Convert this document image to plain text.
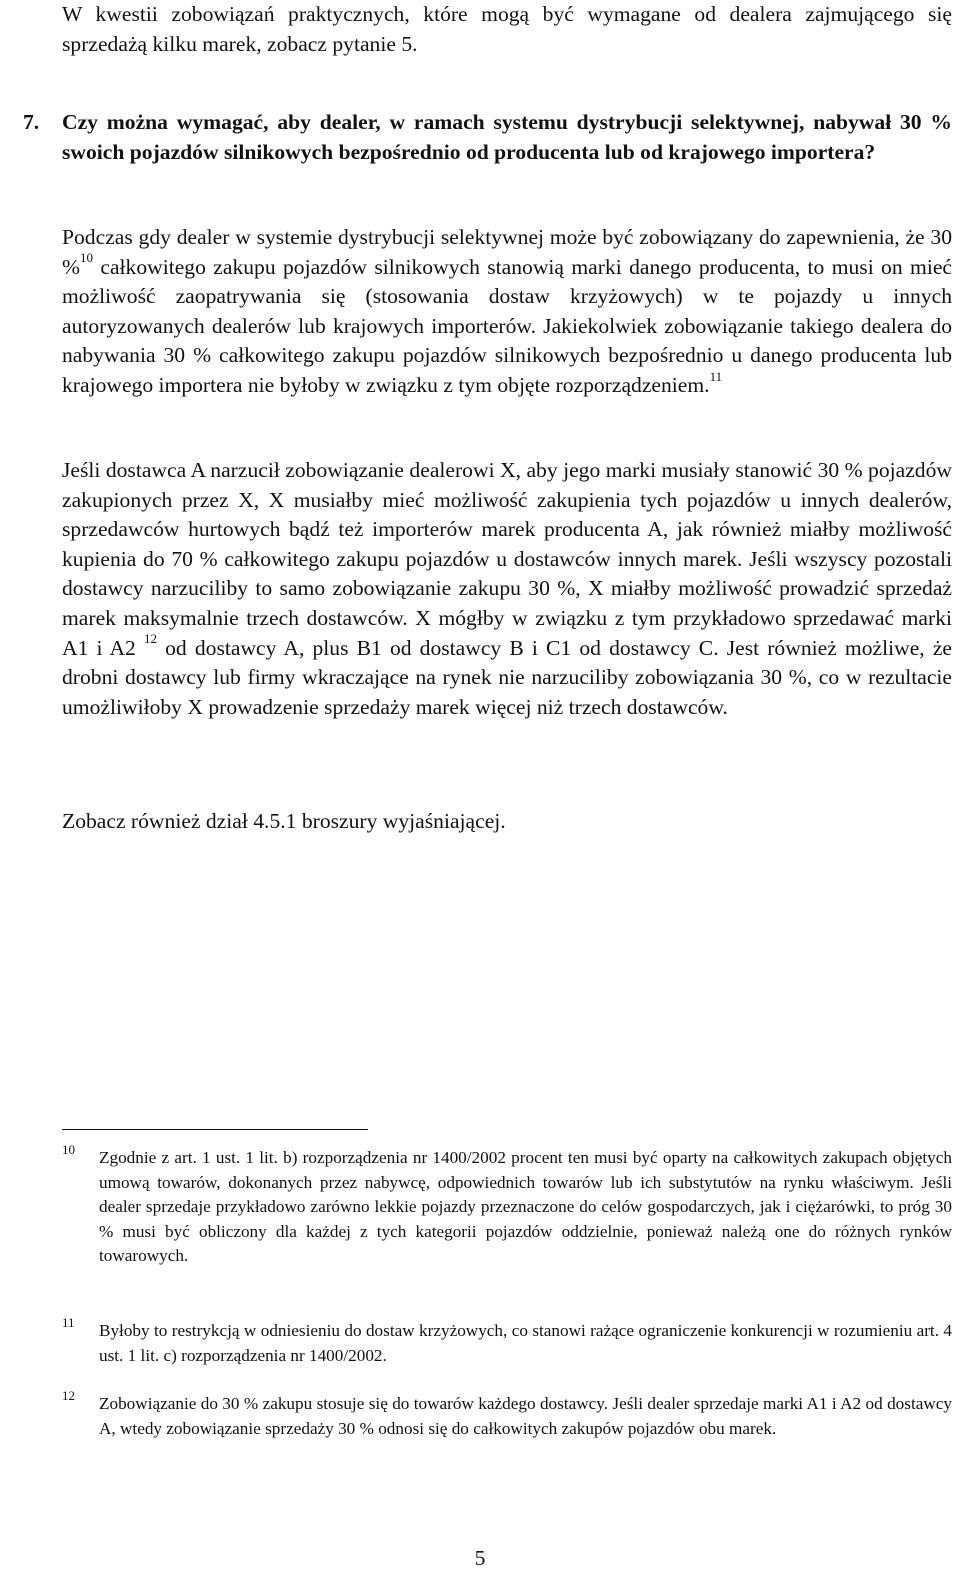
W kwestii zobowiązań praktycznych, które mogą być wymagane od dealera zajmującego się sprzedażą kilku marek, zobacz pytanie 5.

7. Czy można wymagać, aby dealer, w ramach systemu dystrybucji selektywnej, nabywał 30 % swoich pojazdów silnikowych bezpośrednio od producenta lub od krajowego importera?

Podczas gdy dealer w systemie dystrybucji selektywnej może być zobowiązany do zapewnienia, że 30 %$^{10}$ całkowitego zakupu pojazdów silnikowych stanowią marki danego producenta, to musi on mieć możliwość zaopatrywania się (stosowania dostaw krzyżowych) w te pojazdy u innych autoryzowanych dealerów lub krajowych importerów. Jakiekolwiek zobowiązanie takiego dealera do nabywania 30 % całkowitego zakupu pojazdów silnikowych bezpośrednio u danego producenta lub krajowego importera nie byłoby w związku z tym objęte rozporządzeniem.$^{11}$

Jeśli dostawca A narzucił zobowiązanie dealerowi X, aby jego marki musiały stanowić 30 % pojazdów zakupionych przez X, X musiałby mieć możliwość zakupienia tych pojazdów u innych dealerów, sprzedawców hurtowych bądź też importerów marek producenta A, jak również miałby możliwość kupienia do 70 % całkowitego zakupu pojazdów u dostawców innych marek. Jeśli wszyscy pozostali dostawcy narzuciliby to samo zobowiązanie zakupu 30 %, X miałby możliwość prowadzić sprzedaż marek maksymalnie trzech dostawców. X mógłby w związku z tym przykładowo sprzedawać marki A1 i A2 $^{12}$ od dostawcy A, plus B1 od dostawcy B i C1 od dostawcy C. Jest również możliwe, że drobni dostawcy lub firmy wkraczające na rynek nie narzuciliby zobowiązania 30 %, co w rezultacie umożliwiłoby X prowadzenie sprzedaży marek więcej niż trzech dostawców.

Zobacz również dział 4.5.1 broszury wyjaśniającej.

10 Zgodnie z art. 1 ust. 1 lit. b) rozporządzenia nr 1400/2002 procent ten musi być oparty na całkowitych zakupach objętych umową towarów, dokonanych przez nabywcę, odpowiednich towarów lub ich substytutów na rynku właściwym. Jeśli dealer sprzedaje przykładowo zarówno lekkie pojazdy przeznaczone do celów gospodarczych, jak i ciężarówki, to próg 30 % musi być obliczony dla każdej z tych kategorii pojazdów oddzielnie, ponieważ należą one do różnych rynków towarowych.

11 Byłoby to restrykcją w odniesieniu do dostaw krzyżowych, co stanowi rażące ograniczenie konkurencji w rozumieniu art. 4 ust. 1 lit. c) rozporządzenia nr 1400/2002.

12 Zobowiązanie do 30 % zakupu stosuje się do towarów każdego dostawcy. Jeśli dealer sprzedaje marki A1 i A2 od dostawcy A, wtedy zobowiązanie sprzedaży 30 % odnosi się do całkowitych zakupów pojazdów obu marek.

5
